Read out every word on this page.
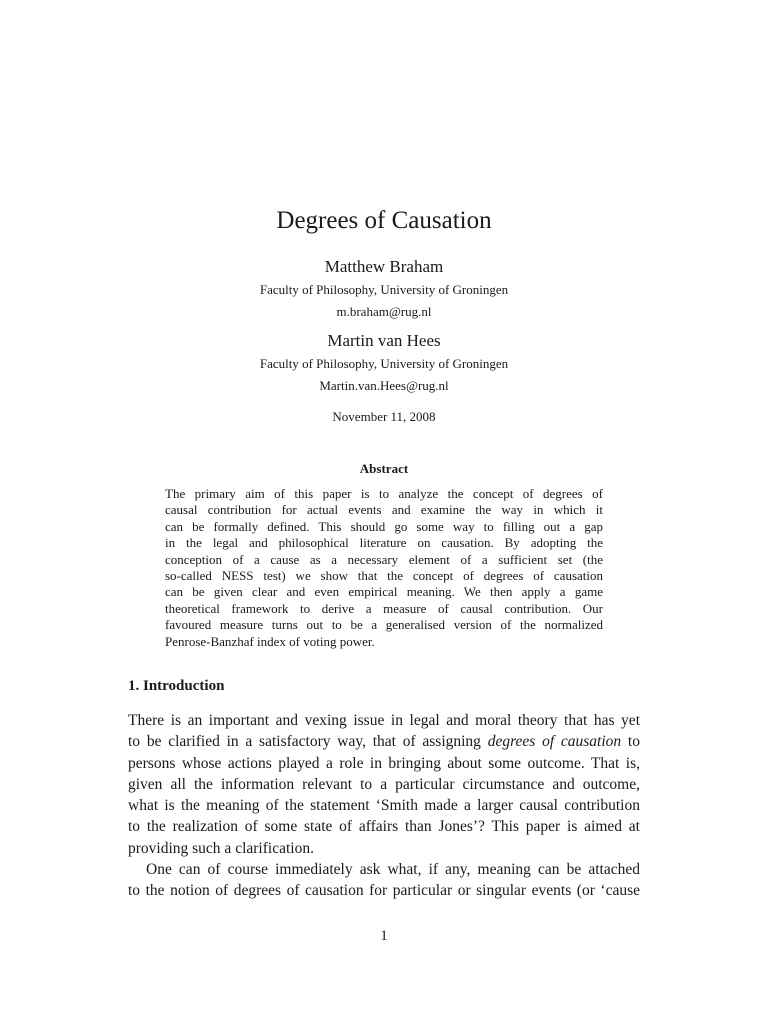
Degrees of Causation
Matthew Braham
Faculty of Philosophy, University of Groningen
m.braham@rug.nl
Martin van Hees
Faculty of Philosophy, University of Groningen
Martin.van.Hees@rug.nl
November 11, 2008
Abstract
The primary aim of this paper is to analyze the concept of degrees of
causal contribution for actual events and examine the way in which it
can be formally defined. This should go some way to filling out a gap
in the legal and philosophical literature on causation. By adopting the
conception of a cause as a necessary element of a sufficient set (the
so-called NESS test) we show that the concept of degrees of causation
can be given clear and even empirical meaning. We then apply a game
theoretical framework to derive a measure of causal contribution. Our
favoured measure turns out to be a generalised version of the normalized
Penrose-Banzhaf index of voting power.
1. Introduction
There is an important and vexing issue in legal and moral theory that has yet
to be clarified in a satisfactory way, that of assigning degrees of causation to
persons whose actions played a role in bringing about some outcome. That is,
given all the information relevant to a particular circumstance and outcome,
what is the meaning of the statement ‘Smith made a larger causal contribution
to the realization of some state of affairs than Jones’? This paper is aimed at
providing such a clarification.
One can of course immediately ask what, if any, meaning can be attached
to the notion of degrees of causation for particular or singular events (or ‘cause
1
